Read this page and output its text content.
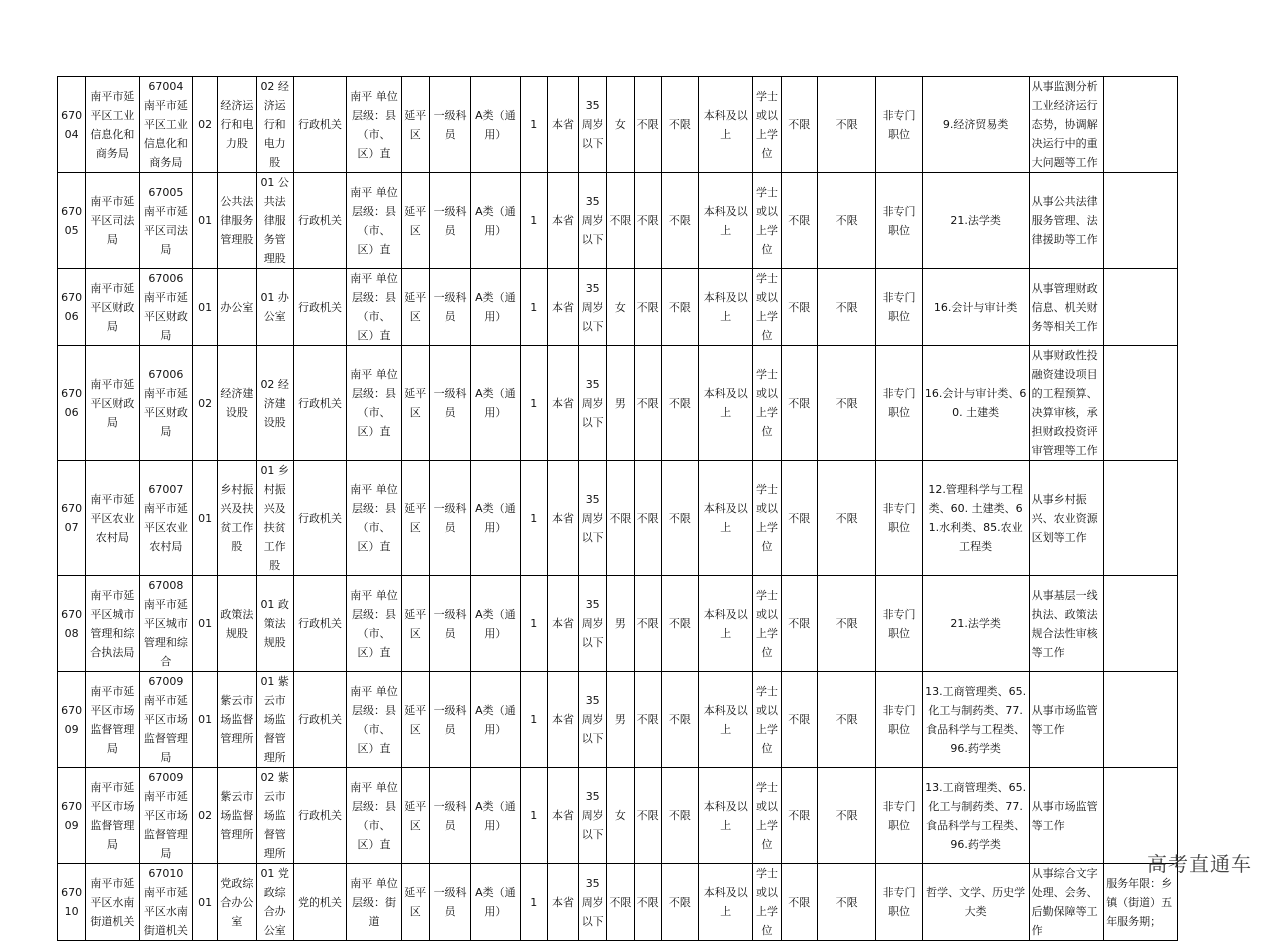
67004	南平市延平区工业信息化和商务局	67004 南平市延平区工业信息化和商务局	02	经济运行和电力股	02 经济运行和电力股	行政机关	南平 单位层级：县（市、区）直	延平区	一级科员	A类（通用）	1	本省	35周岁以下	女	不限	不限	本科及以上	学士或以上学位	不限	不限	非专门职位	9.经济贸易类	从事监测分析工业经济运行态势，协调解决运行中的重大问题等工作	
67005	南平市延平区司法局	67005 南平市延平区司法局	01	公共法律服务管理股	01 公共法律服务管理股	行政机关	南平 单位层级：县（市、区）直	延平区	一级科员	A类（通用）	1	本省	35周岁以下	不限	不限	不限	本科及以上	学士或以上学位	不限	不限	非专门职位	21.法学类	从事公共法律服务管理、法律援助等工作	
67006	南平市延平区财政局	67006 南平市延平区财政局	01	办公室	01 办公室	行政机关	南平 单位层级：县（市、区）直	延平区	一级科员	A类（通用）	1	本省	35周岁以下	女	不限	不限	本科及以上	学士或以上学位	不限	不限	非专门职位	16.会计与审计类	从事管理财政信息、机关财务等相关工作	
67006	南平市延平区财政局	67006 南平市延平区财政局	02	经济建设股	02 经济建设股	行政机关	南平 单位层级：县（市、区）直	延平区	一级科员	A类（通用）	1	本省	35周岁以下	男	不限	不限	本科及以上	学士或以上学位	不限	不限	非专门职位	16.会计与审计类、60. 土建类	从事财政性投融资建设项目的工程预算、决算审核，承担财政投资评审管理等工作	
67007	南平市延平区农业农村局	67007 南平市延平区农业农村局	01	乡村振兴及扶贫工作股	01 乡村振兴及扶贫工作股	行政机关	南平 单位层级：县（市、区）直	延平区	一级科员	A类（通用）	1	本省	35周岁以下	不限	不限	不限	本科及以上	学士或以上学位	不限	不限	非专门职位	12.管理科学与工程类、60. 土建类、61.水利类、85.农业工程类	从事乡村振兴、农业资源区划等工作	
67008	南平市延平区城市管理和综合执法局	67008 南平市延平区城市管理和综合	01	政策法规股	01 政策法规股	行政机关	南平 单位层级：县（市、区）直	延平区	一级科员	A类（通用）	1	本省	35周岁以下	男	不限	不限	本科及以上	学士或以上学位	不限	不限	非专门职位	21.法学类	从事基层一线执法、政策法规合法性审核等工作	
67009	南平市延平区市场监督管理局	67009 南平市延平区市场监督管理局	01	紫云市场监督管理所	01 紫云市场监督管理所	行政机关	南平 单位层级：县（市、区）直	延平区	一级科员	A类（通用）	1	本省	35周岁以下	男	不限	不限	本科及以上	学士或以上学位	不限	不限	非专门职位	13.工商管理类、65. 化工与制药类、77. 食品科学与工程类、96.药学类	从事市场监管等工作	
67009	南平市延平区市场监督管理局	67009 南平市延平区市场监督管理局	02	紫云市场监督管理所	02 紫云市场监督管理所	行政机关	南平 单位层级：县（市、区）直	延平区	一级科员	A类（通用）	1	本省	35周岁以下	女	不限	不限	本科及以上	学士或以上学位	不限	不限	非专门职位	13.工商管理类、65. 化工与制药类、77. 食品科学与工程类、96.药学类	从事市场监管等工作	
67010	南平市延平区水南街道机关	67010 南平市延平区水南街道机关	01	党政综合办公室	01 党政综合办公室	党的机关	南平 单位层级：街道	延平区	一级科员	A类（通用）	1	本省	35周岁以下	不限	不限	不限	本科及以上	学士或以上学位	不限	不限	非专门职位	哲学、文学、历史学大类	从事综合文字处理、会务、后勤保障等工作	服务年限：乡镇（街道）五年服务期；
高考直通车
